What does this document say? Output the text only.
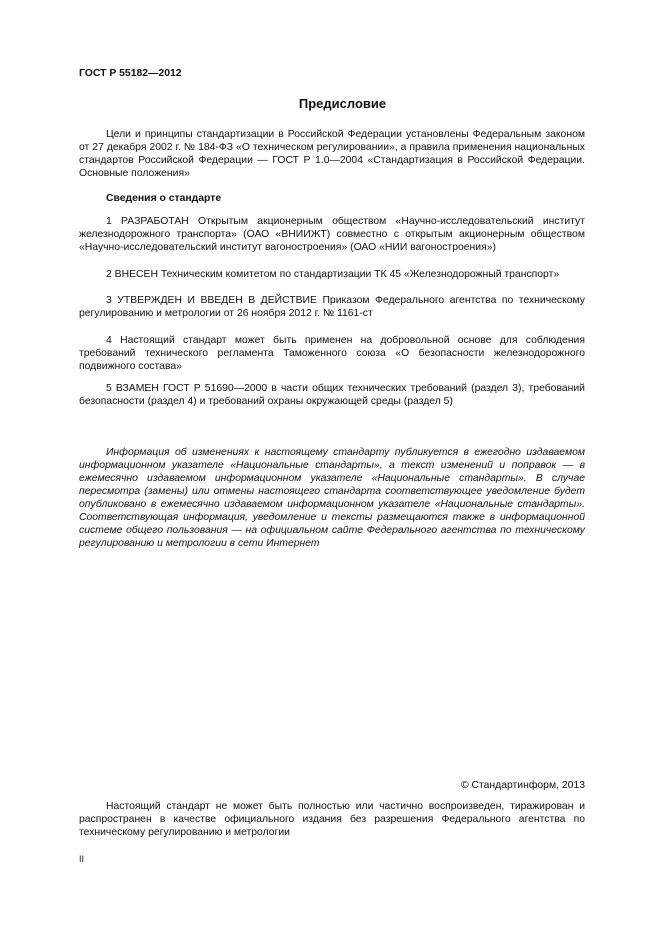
ГОСТ Р 55182—2012
Предисловие

Цели и принципы стандартизации в Российской Федерации установлены Федеральным законом от 27 декабря 2002 г. № 184-ФЗ «О техническом регулировании», а правила применения национальных стандартов Российской Федерации — ГОСТ Р 1.0—2004 «Стандартизация в Российской Федерации. Основные положения»

Сведения о стандарте

1 РАЗРАБОТАН Открытым акционерным обществом «Научно-исследовательский институт железнодорожного транспорта» (ОАО «ВНИИЖТ) совместно с открытым акционерным обществом «Научно-исследовательский институт вагоностроения» (ОАО «НИИ вагоностроения»)

2 ВНЕСЕН Техническим комитетом по стандартизации ТК 45 «Железнодорожный транспорт»

3 УТВЕРЖДЕН И ВВЕДЕН В ДЕЙСТВИЕ Приказом Федерального агентства по техническому регулированию и метрологии от 26 ноября 2012 г. № 1161-ст

4 Настоящий стандарт может быть применен на добровольной основе для соблюдения требований технического регламента Таможенного союза «О безопасности железнодорожного подвижного состава»

5 ВЗАМЕН ГОСТ Р 51690—2000 в части общих технических требований (раздел 3), требований безопасности (раздел 4) и требований охраны окружающей среды (раздел 5)

Информация об изменениях к настоящему стандарту публикуется в ежегодно издаваемом информационном указателе «Национальные стандарты», а текст изменений и поправок — в ежемесячно издаваемом информационном указателе «Национальные стандарты». В случае пересмотра (замены) или отмены настоящего стандарта соответствующее уведомление будет опубликовано в ежемесячно издаваемом информационном указателе «Национальные стандарты». Соответствующая информация, уведомление и тексты размещаются также в информационной системе общего пользования — на официальном сайте Федерального агентства по техническому регулированию и метрологии в сети Интернет

© Стандартинформ, 2013

Настоящий стандарт не может быть полностью или частично воспроизведен, тиражирован и распространен в качестве официального издания без разрешения Федерального агентства по техническому регулированию и метрологии

II
